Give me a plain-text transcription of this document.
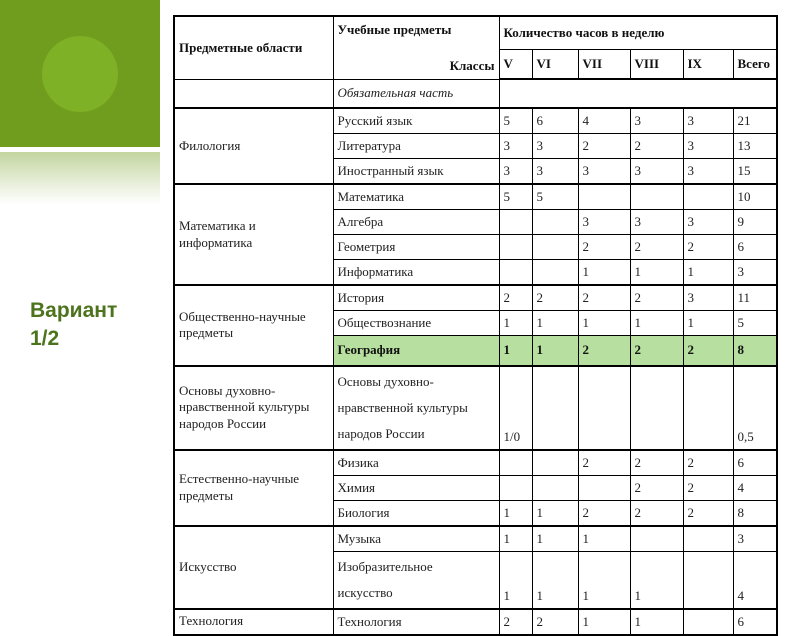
Вариант
1/2
Предметные области	Учебные предметы
Классы	Количество часов в неделю					
		V	VI	VII	VIII	IX	Всего
	Обязательная часть						
Филология	Русский язык	5	6	4	3	3	21
	Литература	3	3	2	2	3	13
	Иностранный язык	3	3	3	3	3	15
Математика и информатика	Математика	5	5				10
	Алгебра			3	3	3	9
	Геометрия			2	2	2	6
	Информатика			1	1	1	3
Общественно-научные предметы	История	2	2	2	2	3	11
	Обществознание	1	1	1	1	1	5
	География	1	1	2	2	2	8
Основы духовно-нравственной культуры народов России	Основы духовно-
нравственной культуры
народов России	1/0					0,5
Естественно-научные предметы	Физика			2	2	2	6
	Химия				2	2	4
	Биология	1	1	2	2	2	8
Искусство	Музыка	1	1	1			3
	Изобразительное
искусство	1	1	1	1		4
Технология	Технология	2	2	1	1		6
